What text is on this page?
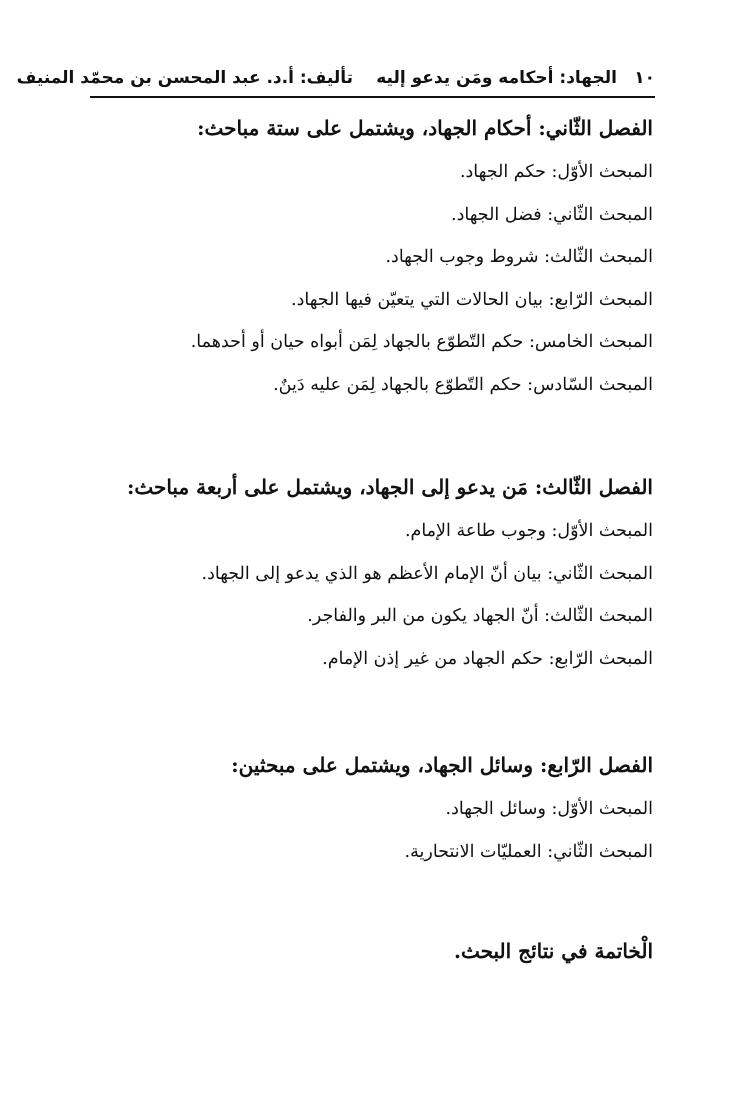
١٠
الجهاد: أحكامه ومَن يدعو إليه
تأليف: أ.د. عبد المحسن بن محمّد المنيف
الفصل الثّاني: أحكام الجهاد، ويشتمل على ستة مباحث:
المبحث الأوّل: حكم الجهاد.
المبحث الثّاني: فضل الجهاد.
المبحث الثّالث: شروط وجوب الجهاد.
المبحث الرّابع: بيان الحالات التي يتعيّن فيها الجهاد.
المبحث الخامس: حكم التّطوّع بالجهاد لِمَن أبواه حيان أو أحدهما.
المبحث السّادس: حكم التّطوّع بالجهاد لِمَن عليه دَينٌ.
الفصل الثّالث: مَن يدعو إلى الجهاد، ويشتمل على أربعة مباحث:
المبحث الأوّل: وجوب طاعة الإمام.
المبحث الثّاني: بيان أنّ الإمام الأعظم هو الذي يدعو إلى الجهاد.
المبحث الثّالث: أنّ الجهاد يكون من البر والفاجر.
المبحث الرّابع: حكم الجهاد من غير إذن الإمام.
الفصل الرّابع: وسائل الجهاد، ويشتمل على مبحثين:
المبحث الأوّل: وسائل الجهاد.
المبحث الثّاني: العمليّات الانتحارية.
الْخاتمة في نتائج البحث.
